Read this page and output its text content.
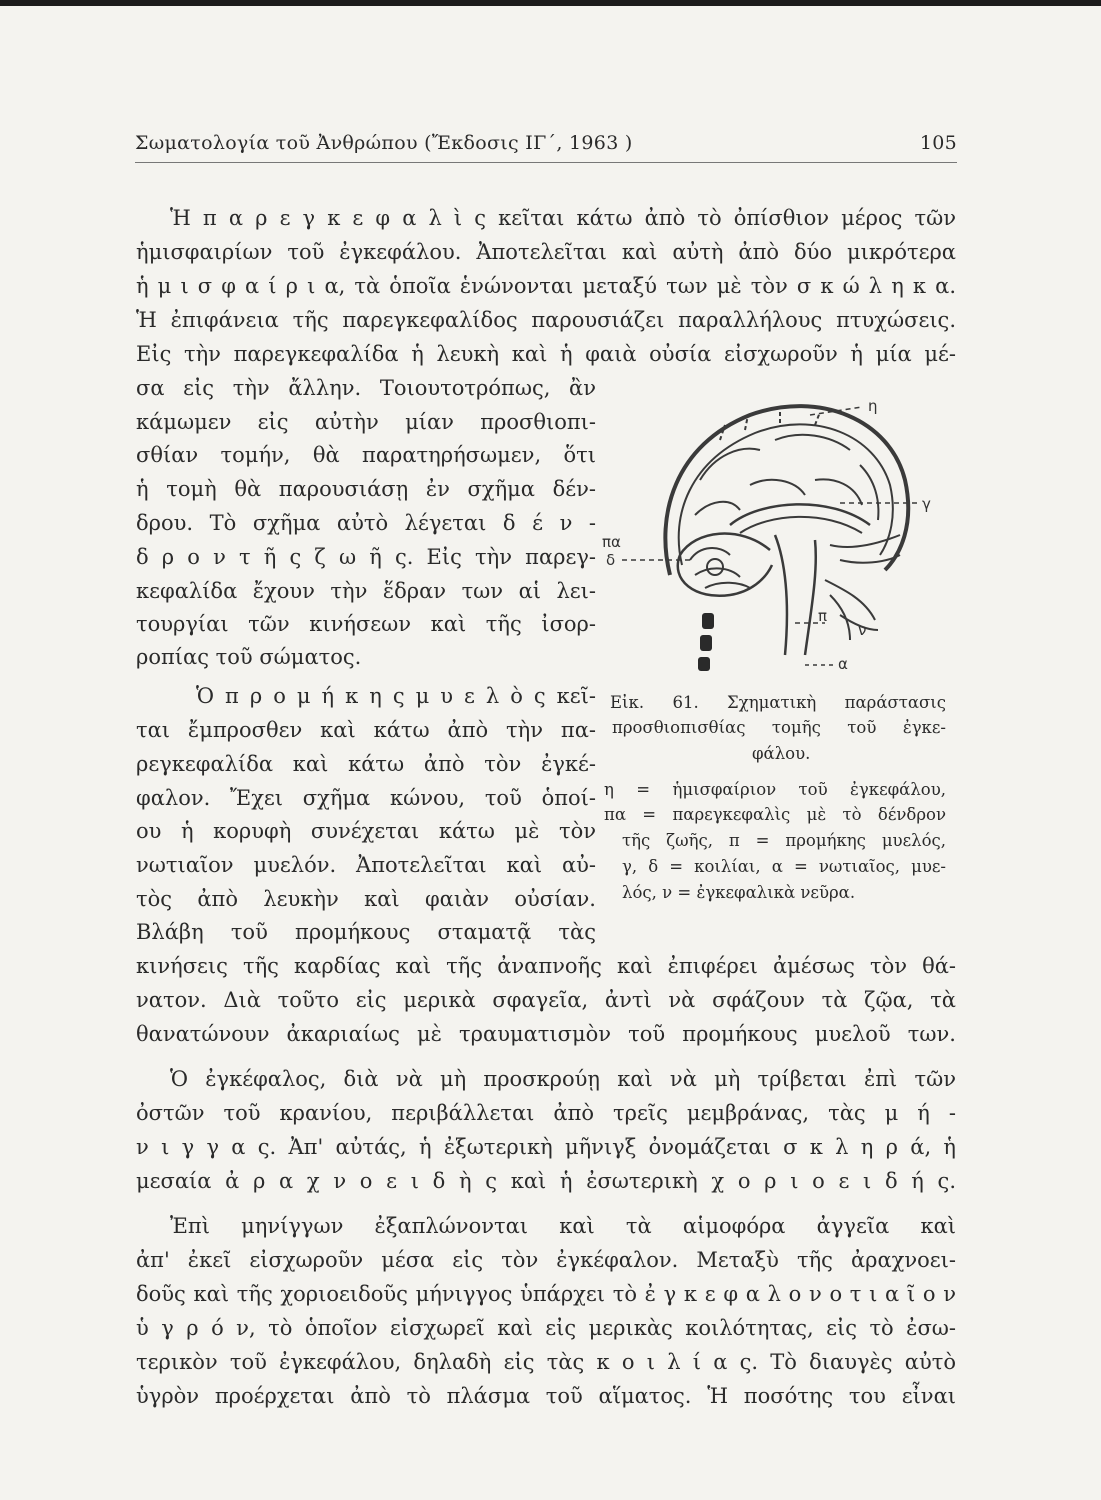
Σωματολογία τοῦ Ἀνθρώπου (Ἔκδοσις ΙΓ΄, 1963 )	105
Ἡ π α ρ ε γ κ ε φ α λ ὶ ς κεῖται κάτω ἀπὸ τὸ ὀπίσθιον μέρος τῶν
ἡμισφαιρίων τοῦ ἐγκεφάλου. Ἀποτελεῖται καὶ αὐτὴ ἀπὸ δύο μικρότερα
ἡ μ ι σ φ α ί ρ ι α, τὰ ὁποῖα ἑνώνονται μεταξύ των μὲ τὸν σ κ ώ λ η κ α.
Ἡ ἐπιφάνεια τῆς παρεγκεφαλίδος παρουσιάζει παραλλήλους πτυχώσεις.
Εἰς τὴν παρεγκεφαλίδα ἡ λευκὴ καὶ ἡ φαιὰ οὐσία εἰσχωροῦν ἡ μία μέ-
σα εἰς τὴν ἄλλην. Τοιουτοτρόπως, ἂν
κάμωμεν εἰς αὐτὴν μίαν προσθιοπι-
σθίαν τομήν, θὰ παρατηρήσωμεν, ὅτι
ἡ τομὴ θὰ παρουσιάσῃ ἐν σχῆμα δέν-
δρου. Τὸ σχῆμα αὐτὸ λέγεται δ έ ν -
δ ρ ο ν τ ῆ ς ζ ω ῆ ς. Εἰς τὴν παρεγ-
κεφαλίδα ἔχουν τὴν ἕδραν των αἱ λει-
τουργίαι τῶν κινήσεων καὶ τῆς ἰσορ-
ροπίας τοῦ σώματος.
Ὁ π ρ ο μ ή κ η ς μ υ ε λ ὸ ς κεῖ-
ται ἔμπροσθεν καὶ κάτω ἀπὸ τὴν πα-
ρεγκεφαλίδα καὶ κάτω ἀπὸ τὸν ἐγκέ-
φαλον. Ἔχει σχῆμα κώνου, τοῦ ὁποί-
ου ἡ κορυφὴ συνέχεται κάτω μὲ τὸν
νωτιαῖον μυελόν. Ἀποτελεῖται καὶ αὐ-
τὸς ἀπὸ λευκὴν καὶ φαιὰν οὐσίαν.
Βλάβη τοῦ προμήκους σταματᾷ τὰς
η
γ
πα
δ
π
ν
α
Εἰκ. 61. Σχηματικὴ παράστασις
προσθιοπισθίας τομῆς τοῦ ἐγκε-
φάλου.
η = ἡμισφαίριον τοῦ ἐγκεφάλου,
πα = παρεγκεφαλὶς μὲ τὸ δένδρον
τῆς ζωῆς, π = προμήκης μυελός,
γ, δ = κοιλίαι, α = νωτιαῖος, μυε-
λός, ν = ἐγκεφαλικὰ νεῦρα.
κινήσεις τῆς καρδίας καὶ τῆς ἀναπνοῆς καὶ ἐπιφέρει ἀμέσως τὸν θά-
νατον. Διὰ τοῦτο εἰς μερικὰ σφαγεῖα, ἀντὶ νὰ σφάζουν τὰ ζῷα, τὰ
θανατώνουν ἀκαριαίως μὲ τραυματισμὸν τοῦ προμήκους μυελοῦ των.
Ὁ ἐγκέφαλος, διὰ νὰ μὴ προσκρούῃ καὶ νὰ μὴ τρίβεται ἐπὶ τῶν
ὀστῶν τοῦ κρανίου, περιβάλλεται ἀπὸ τρεῖς μεμβράνας, τὰς μ ή -
ν ι γ γ α ς. Ἀπ' αὐτάς, ἡ ἐξωτερικὴ μῆνιγξ ὀνομάζεται σ κ λ η ρ ά, ἡ
μεσαία ἀ ρ α χ ν ο ε ι δ ὴ ς καὶ ἡ ἐσωτερικὴ χ ο ρ ι ο ε ι δ ή ς.
Ἐπὶ μηνίγγων ἐξαπλώνονται καὶ τὰ αἱμοφόρα ἀγγεῖα καὶ
ἀπ' ἐκεῖ εἰσχωροῦν μέσα εἰς τὸν ἐγκέφαλον. Μεταξὺ τῆς ἀραχνοει-
δοῦς καὶ τῆς χοριοειδοῦς μήνιγγος ὑπάρχει τὸ ἐ γ κ ε φ α λ ο ν ο τ ι α ῖ ο ν
ὑ γ ρ ό ν, τὸ ὁποῖον εἰσχωρεῖ καὶ εἰς μερικὰς κοιλότητας, εἰς τὸ ἐσω-
τερικὸν τοῦ ἐγκεφάλου, δηλαδὴ εἰς τὰς κ ο ι λ ί α ς. Τὸ διαυγὲς αὐτὸ
ὑγρὸν προέρχεται ἀπὸ τὸ πλάσμα τοῦ αἵματος. Ἡ ποσότης του εἶναι
